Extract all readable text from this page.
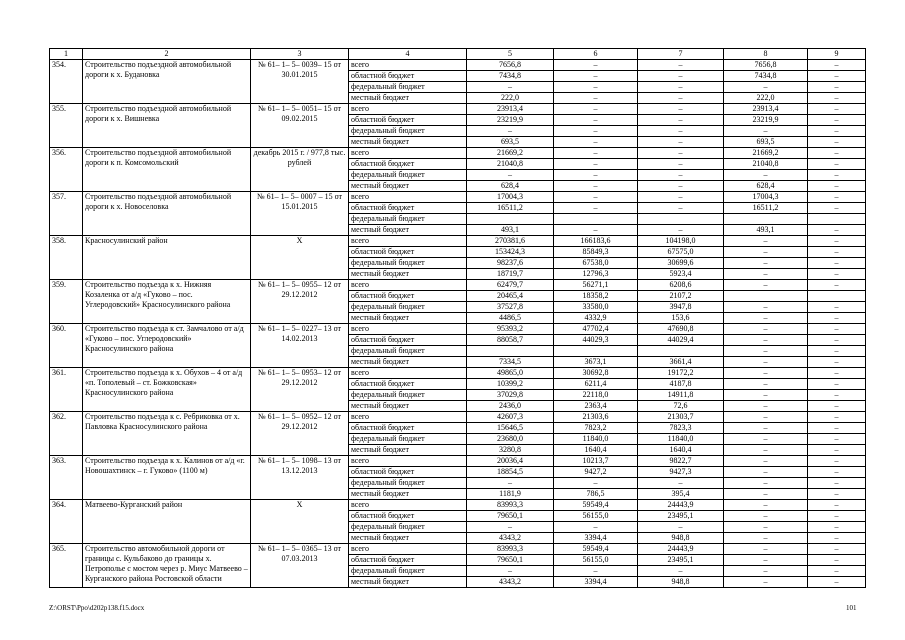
1	2	3	4	5	6	7	8	9
354.	Строительство подъездной автомобильной дороги к х. Будановка	№ 61– 1– 5– 0039– 15 от 30.01.2015	всего	7656,8	–	–	7656,8	–
			областной бюджет	7434,8	–	–	7434,8	–
			федеральный бюджет	–	–	–	–	–
			местный бюджет	222,0	–	–	222,0	–
355.	Строительство подъездной автомобильной дороги к х. Вишневка	№ 61– 1– 5– 0051– 15 от 09.02.2015	всего	23913,4	–	–	23913,4	–
			областной бюджет	23219,9	–	–	23219,9	–
			федеральный бюджет	–	–	–	–	–
			местный бюджет	693,5	–	–	693,5	–
356.	Строительство подъездной автомобильной дороги к п. Комсомольский	декабрь 2015 г. / 977,8 тыс. рублей	всего	21669,2	–	–	21669,2	–
			областной бюджет	21040,8	–	–	21040,8	–
			федеральный бюджет	–	–	–	–	–
			местный бюджет	628,4	–	–	628,4	–
357.	Строительство подъездной автомобильной дороги к х. Новоселовка	№ 61– 1– 5– 0007 – 15 от 15.01.2015	всего	17004,3	–	–	17004,3	–
			областной бюджет	16511,2	–	–	16511,2	–
			федеральный бюджет					
			местный бюджет	493,1	–	–	493,1	–
358.	Красносулинский район	X	всего	270381,6	166183,6	104198,0	–	–
			областной бюджет	153424,3	85849,3	67575,0	–	–
			федеральный бюджет	98237,6	67538,0	30699,6	–	–
			местный бюджет	18719,7	12796,3	5923,4	–	–
359.	Строительство подъезда к х. Нижняя Козаленка от а/д «Гуково – пос. Углеродовский» Красносулинского района	№ 61– 1– 5– 0955– 12 от 29.12.2012	всего	62479,7	56271,1	6208,6	–	–
			областной бюджет	20465,4	18358,2	2107,2		
			федеральный бюджет	37527,8	33580,0	3947,8	–	–
			местный бюджет	4486,5	4332,9	153,6	–	–
360.	Строительство подъезда к ст. Замчалово от а/д «Гуково – пос. Углеродовский» Красносулинского района	№ 61– 1– 5– 0227– 13 от 14.02.2013	всего	95393,2	47702,4	47690,8	–	–
			областной бюджет	88058,7	44029,3	44029,4	–	–
			федеральный бюджет				–	–
			местный бюджет	7334,5	3673,1	3661,4	–	–
361.	Строительство подъезда к х. Обухов – 4 от а/д «п. Тополевый – ст. Божковская» Красносулинского района	№ 61– 1– 5– 0953– 12 от 29.12.2012	всего	49865,0	30692,8	19172,2	–	–
			областной бюджет	10399,2	6211,4	4187,8	–	–
			федеральный бюджет	37029,8	22118,0	14911,8	–	–
			местный бюджет	2436,0	2363,4	72,6	–	–
362.	Строительство подъезда к с. Ребриковка от х. Павловка Красносулинского района	№ 61– 1– 5– 0952– 12 от 29.12.2012	всего	42607,3	21303,6	21303,7	–	–
			областной бюджет	15646,5	7823,2	7823,3	–	–
			федеральный бюджет	23680,0	11840,0	11840,0	–	–
			местный бюджет	3280,8	1640,4	1640,4	–	–
363.	Строительство подъезда к х. Калинов от а/д «г. Новошахтинск – г. Гуково» (1100 м)	№ 61– 1– 5– 1098– 13 от 13.12.2013	всего	20036,4	10213,7	9822,7	–	–
			областной бюджет	18854,5	9427,2	9427,3	–	–
			федеральный бюджет	–	–	–	–	–
			местный бюджет	1181,9	786,5	395,4	–	–
364.	Матвеево-Курганский район	X	всего	83993,3	59549,4	24443,9	–	–
			областной бюджет	79650,1	56155,0	23495,1	–	–
			федеральный бюджет	–	–	–	–	–
			местный бюджет	4343,2	3394,4	948,8	–	–
365.	Строительство автомобильной дороги от границы с. Кульбаково до границы х. Петрополье с мостом через р. Миус Матвеево – Курганского района Ростовской области	№ 61– 1– 5– 0365– 13 от 07.03.2013	всего	83993,3	59549,4	24443,9	–	–
			областной бюджет	79650,1	56155,0	23495,1	–	–
			федеральный бюджет	–	–	–	–	–
			местный бюджет	4343,2	3394,4	948,8	–	–
Z:\ORST\Ppo\d202p138.f15.docx	101
